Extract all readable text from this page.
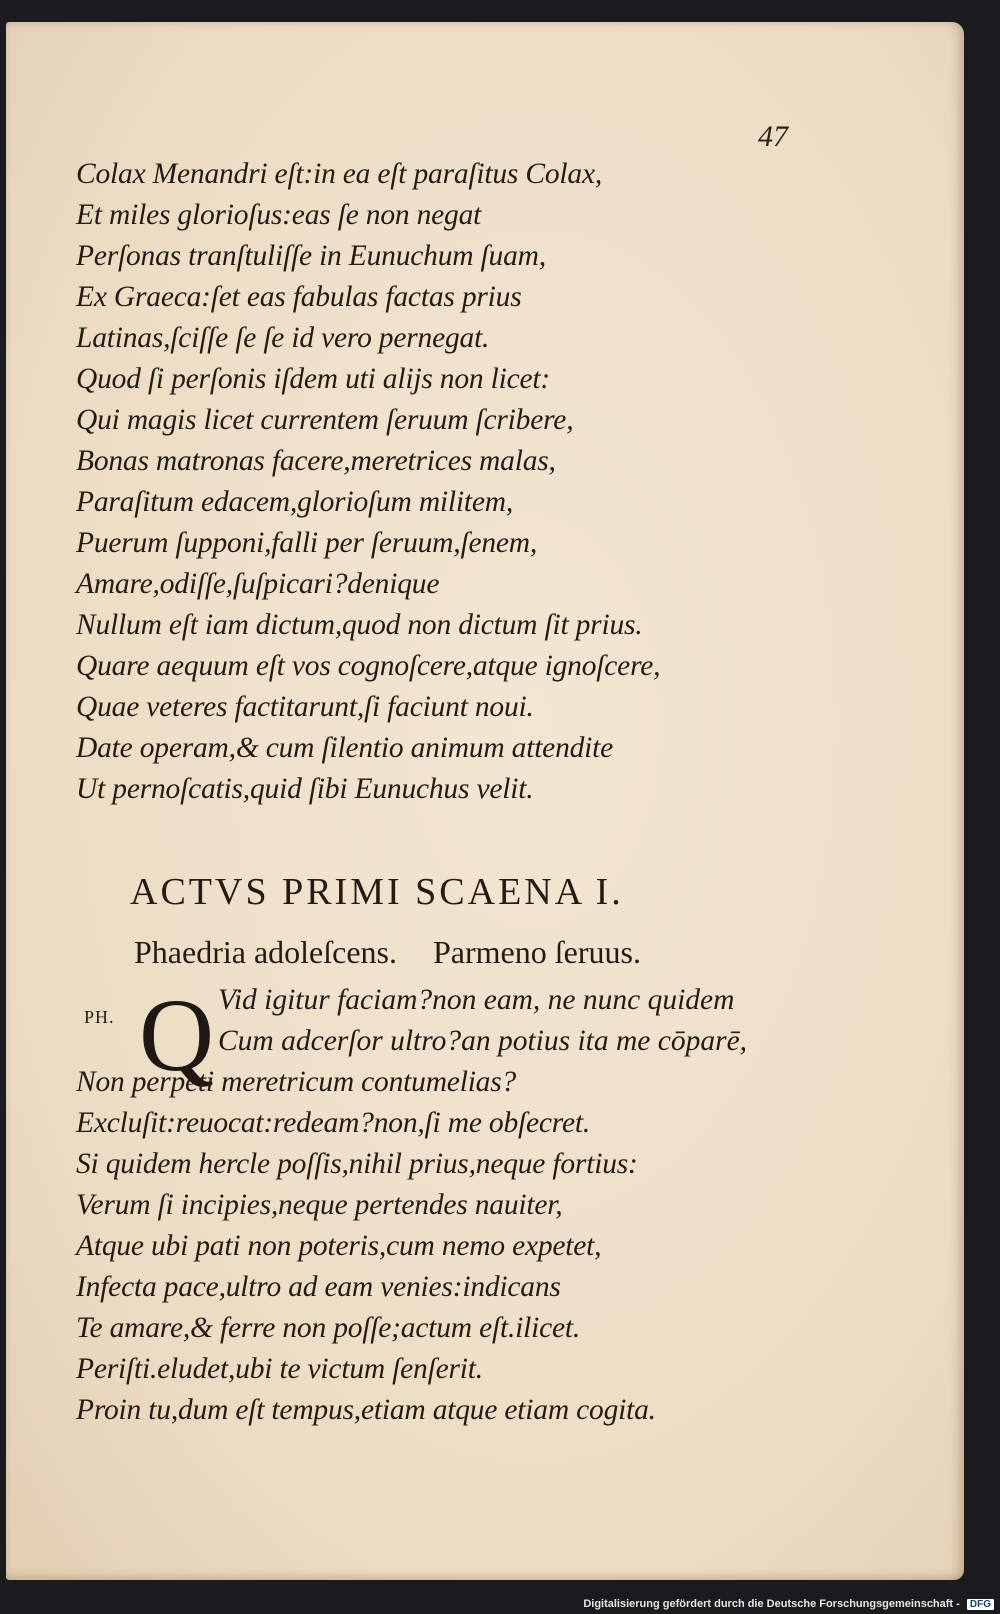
47

Colax Menandri eſt:in ea eſt paraſitus Colax,

Et miles glorioſus:eas ſe non negat

Perſonas tranſtuliſſe in Eunuchum ſuam,

Ex Graeca:ſet eas fabulas factas prius

Latinas,ſciſſe ſe ſe id vero pernegat.

Quod ſi perſonis iſdem uti alijs non licet:

Qui magis licet currentem ſeruum ſcribere,

Bonas matronas facere,meretrices malas,

Paraſitum edacem,glorioſum militem,

Puerum ſupponi,falli per ſeruum,ſenem,

Amare,odiſſe,ſuſpicari?denique

Nullum eſt iam dictum,quod non dictum ſit prius.

Quare aequum eſt vos cognoſcere,atque ignoſcere,

Quae veteres factitarunt,ſi faciunt noui.

Date operam,& cum ſilentio animum attendite

Ut pernoſcatis,quid ſibi Eunuchus velit.

ACTVS PRIMI SCAENA I.

Phaedria adoleſcens. Parmeno ſeruus.

PH. Q Vid igitur faciam?non eam, ne nunc quidem

Cum adcerſor ultro?an potius ita me cōparē,

Non perpeti meretricum contumelias?

Excluſit:reuocat:redeam?non,ſi me obſecret.

Si quidem hercle poſſis,nihil prius,neque fortius:

Verum ſi incipies,neque pertendes nauiter,

Atque ubi pati non poteris,cum nemo expetet,

Infecta pace,ultro ad eam venies:indicans

Te amare,& ferre non poſſe;actum eſt.ilicet.

Periſti.eludet,ubi te victum ſenſerit.

Proin tu,dum eſt tempus,etiam atque etiam cogita.

Digitalisierung gefördert durch die Deutsche Forschungsgemeinschaft - DFG
